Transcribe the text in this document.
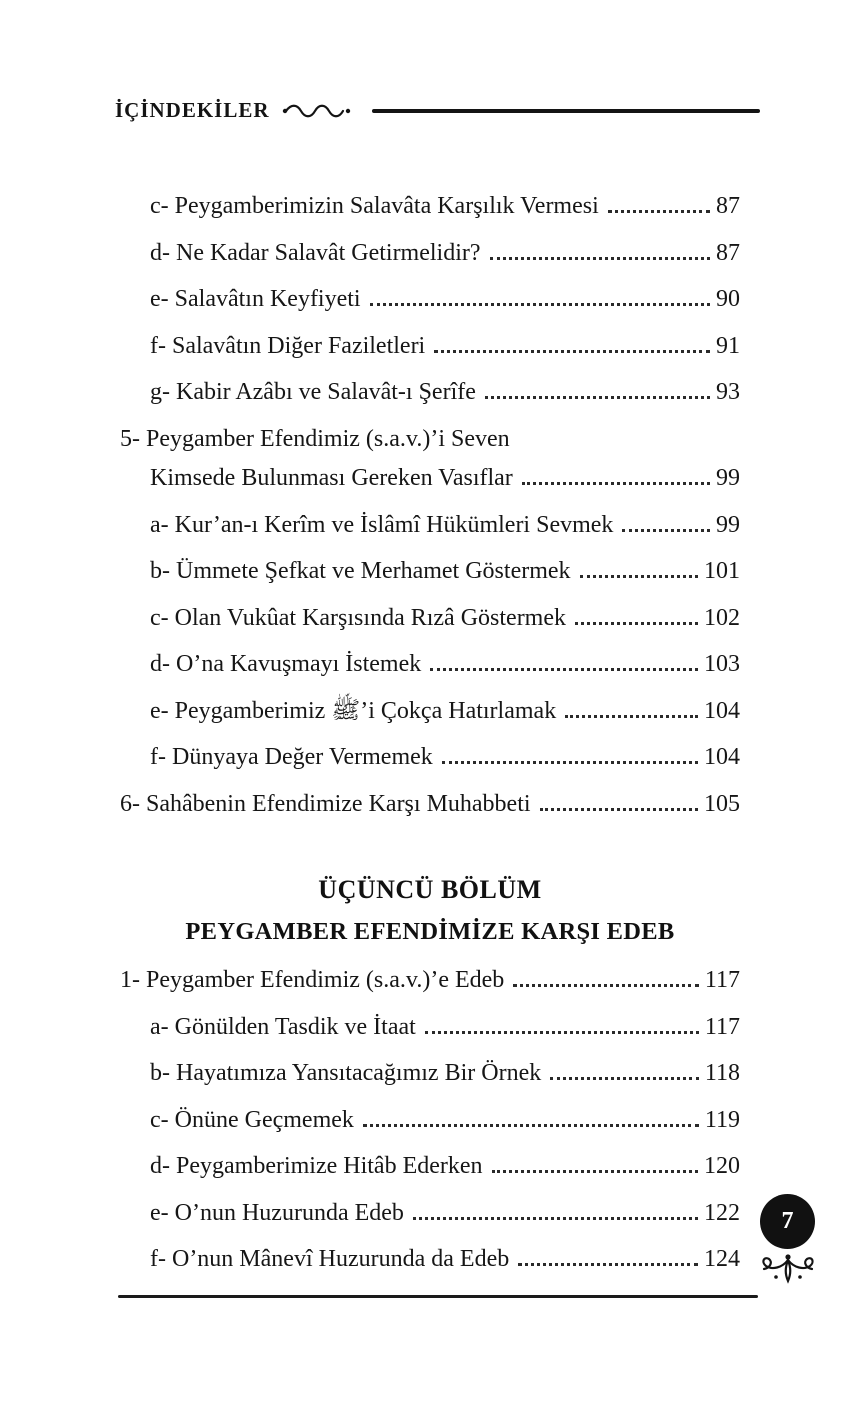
İÇİNDEKİLER
c- Peygamberimizin Salavâta Karşılık Vermesi	87
d- Ne Kadar Salavât Getirmelidir?	87
e- Salavâtın Keyfiyeti	90
f- Salavâtın Diğer Faziletleri	91
g- Kabir Azâbı ve Salavât-ı Şerîfe	93
5- Peygamber Efendimiz (s.a.v.)’i Seven
Kimsede Bulunması Gereken Vasıflar	99
a- Kur’an-ı Kerîm ve İslâmî Hükümleri Sevmek	99
b- Ümmete Şefkat ve Merhamet Göstermek	101
c- Olan Vukûat Karşısında Rızâ Göstermek	102
d- O’na Kavuşmayı İstemek	103
e- Peygamberimiz ﷺ’i Çokça Hatırlamak	104
f- Dünyaya Değer Vermemek	104
6- Sahâbenin Efendimize Karşı Muhabbeti	105
ÜÇÜNCÜ BÖLÜM
PEYGAMBER EFENDİMİZE KARŞI EDEB
1- Peygamber Efendimiz (s.a.v.)’e Edeb	117
a- Gönülden Tasdik ve İtaat	117
b- Hayatımıza Yansıtacağımız Bir Örnek	118
c- Önüne Geçmemek	119
d- Peygamberimize Hitâb Ederken	120
e- O’nun Huzurunda Edeb	122
f- O’nun Mânevî Huzurunda da Edeb	124
7
